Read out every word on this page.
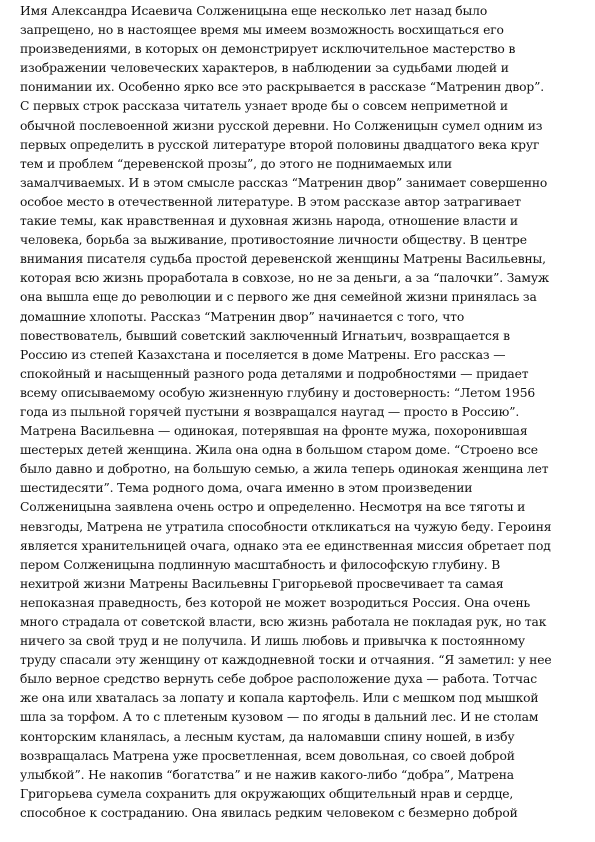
Имя Александра Исаевича Солженицына еще несколько лет назад было
запрещено, но в настоящее время мы имеем возможность восхищаться его
произведениями, в которых он демонстрирует исключительное мастерство в
изображении человеческих характеров, в наблюдении за судьбами людей и
понимании их. Особенно ярко все это раскрывается в рассказе “Матренин двор”.
С первых строк рассказа читатель узнает вроде бы о совсем неприметной и
обычной послевоенной жизни русской деревни. Но Солженицын сумел одним из
первых определить в русской литературе второй половины двадцатого века круг
тем и проблем “деревенской прозы”, до этого не поднимаемых или
замалчиваемых. И в этом смысле рассказ “Матренин двор” занимает совершенно
особое место в отечественной литературе. В этом рассказе автор затрагивает
такие темы, как нравственная и духовная жизнь народа, отношение власти и
человека, борьба за выживание, противостояние личности обществу. В центре
внимания писателя судьба простой деревенской женщины Матрены Васильевны,
которая всю жизнь проработала в совхозе, но не за деньги, а за “палочки”. Замуж
она вышла еще до революции и с первого же дня семейной жизни принялась за
домашние хлопоты. Рассказ “Матренин двор” начинается с того, что
повествователь, бывший советский заключенный Игнатьич, возвращается в
Россию из степей Казахстана и поселяется в доме Матрены. Его рассказ —
спокойный и насыщенный разного рода деталями и подробностями — придает
всему описываемому особую жизненную глубину и достоверность: “Летом 1956
года из пыльной горячей пустыни я возвращался наугад — просто в Россию”.
Матрена Васильевна — одинокая, потерявшая на фронте мужа, похоронившая
шестерых детей женщина. Жила она одна в большом старом доме. “Строено все
было давно и добротно, на большую семью, а жила теперь одинокая женщина лет
шестидесяти”. Тема родного дома, очага именно в этом произведении
Солженицына заявлена очень остро и определенно. Несмотря на все тяготы и
невзгоды, Матрена не утратила способности откликаться на чужую беду. Героиня
является хранительницей очага, однако эта ее единственная миссия обретает под
пером Солженицына подлинную масштабность и философскую глубину. В
нехитрой жизни Матрены Васильевны Григорьевой просвечивает та самая
непоказная праведность, без которой не может возродиться Россия. Она очень
много страдала от советской власти, всю жизнь работала не покладая рук, но так
ничего за свой труд и не получила. И лишь любовь и привычка к постоянному
труду спасали эту женщину от каждодневной тоски и отчаяния. “Я заметил: у нее
было верное средство вернуть себе доброе расположение духа — работа. Тотчас
же она или хваталась за лопату и копала картофель. Или с мешком под мышкой
шла за торфом. А то с плетеным кузовом — по ягоды в дальний лес. И не столам
конторским кланялась, а лесным кустам, да наломавши спину ношей, в избу
возвращалась Матрена уже просветленная, всем довольная, со своей доброй
улыбкой”. Не накопив “богатства” и не нажив какого-либо “добра”, Матрена
Григорьева сумела сохранить для окружающих общительный нрав и сердце,
способное к состраданию. Она явилась редким человеком с безмерно доброй
